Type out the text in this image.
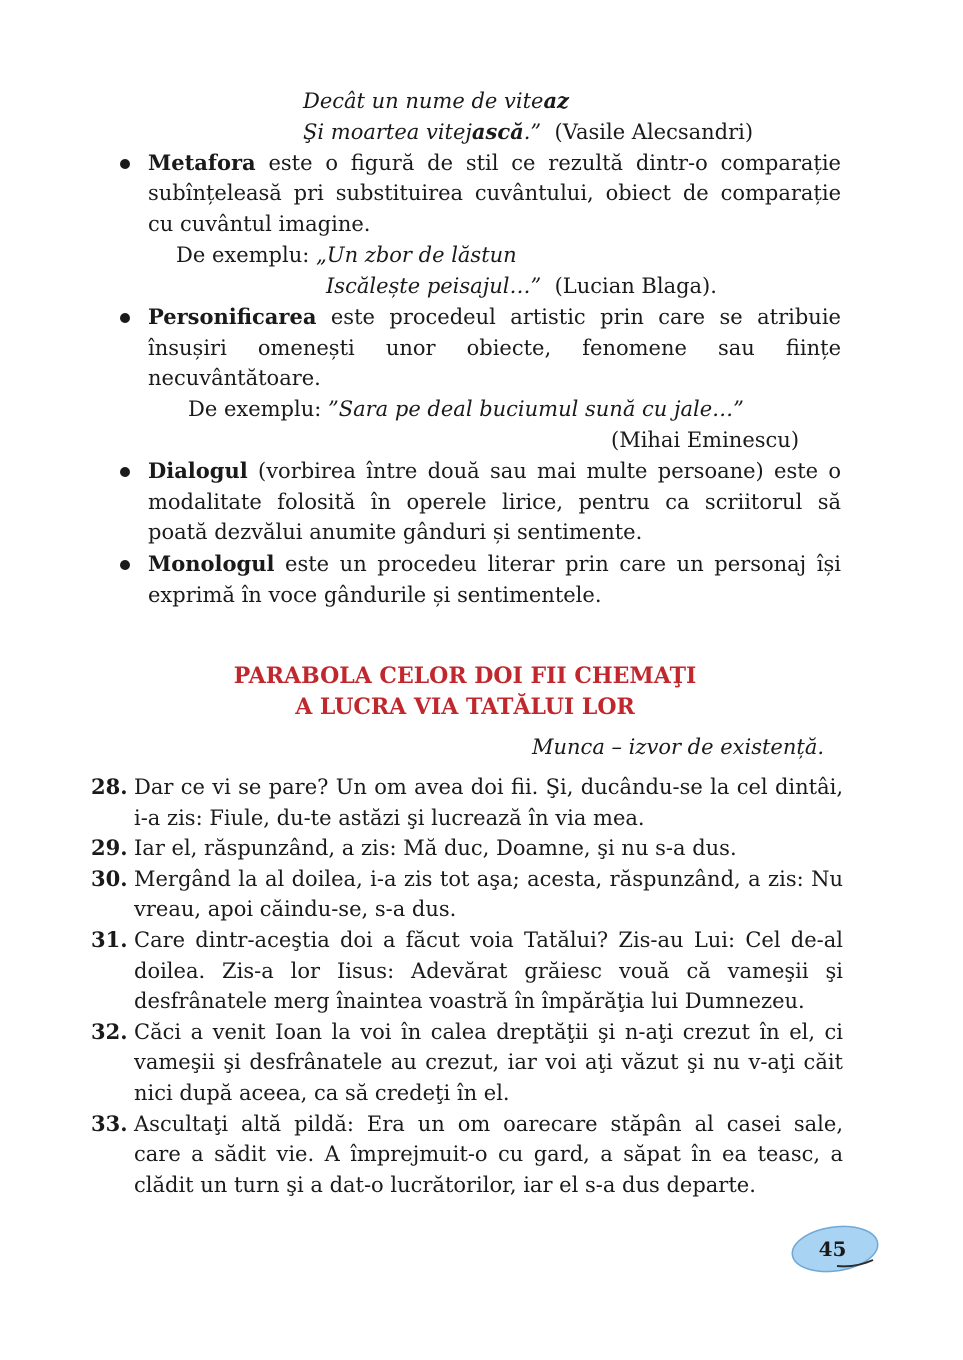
Decât un nume de viteaz
Şi moartea vitejască.” (Vasile Alecsandri)
Metafora este o figură de stil ce rezultă dintr-o comparație
subînțeleasă pri substituirea cuvântului, obiect de comparație
cu cuvântul imagine.
De exemplu: „Un zbor de lăstun
Iscălește peisajul…” (Lucian Blaga).
Personificarea este procedeul artistic prin care se atribuie
însușiri omenești unor obiecte, fenomene sau ființe
necuvântătoare.
De exemplu: ”Sara pe deal buciumul sună cu jale…”
(Mihai Eminescu)
Dialogul (vorbirea între două sau mai multe persoane) este o
modalitate folosită în operele lirice, pentru ca scriitorul să
poată dezvălui anumite gânduri și sentimente.
Monologul este un procedeu literar prin care un personaj își
exprimă în voce gândurile și sentimentele.
PARABOLA CELOR DOI FII CHEMAŢI
A LUCRA VIA TATĂLUI LOR
Munca – izvor de existență.
28. Dar ce vi se pare? Un om avea doi fii. Şi, ducându-se la cel dintâi,
i-a zis: Fiule, du-te astăzi şi lucrează în via mea.
29. Iar el, răspunzând, a zis: Mă duc, Doamne, şi nu s-a dus.
30. Mergând la al doilea, i-a zis tot aşa; acesta, răspunzând, a zis: Nu
vreau, apoi căindu-se, s-a dus.
31. Care dintr-aceştia doi a făcut voia Tatălui? Zis-au Lui: Cel de-al
doilea. Zis-a lor Iisus: Adevărat grăiesc vouă că vameşii şi
desfrânatele merg înaintea voastră în împărăţia lui Dumnezeu.
32. Căci a venit Ioan la voi în calea dreptăţii şi n-aţi crezut în el, ci
vameşii şi desfrânatele au crezut, iar voi aţi văzut şi nu v-aţi căit
nici după aceea, ca să credeţi în el.
33. Ascultaţi altă pildă: Era un om oarecare stăpân al casei sale,
care a sădit vie. A împrejmuit-o cu gard, a săpat în ea teasc, a
clădit un turn şi a dat-o lucrătorilor, iar el s-a dus departe.
45
